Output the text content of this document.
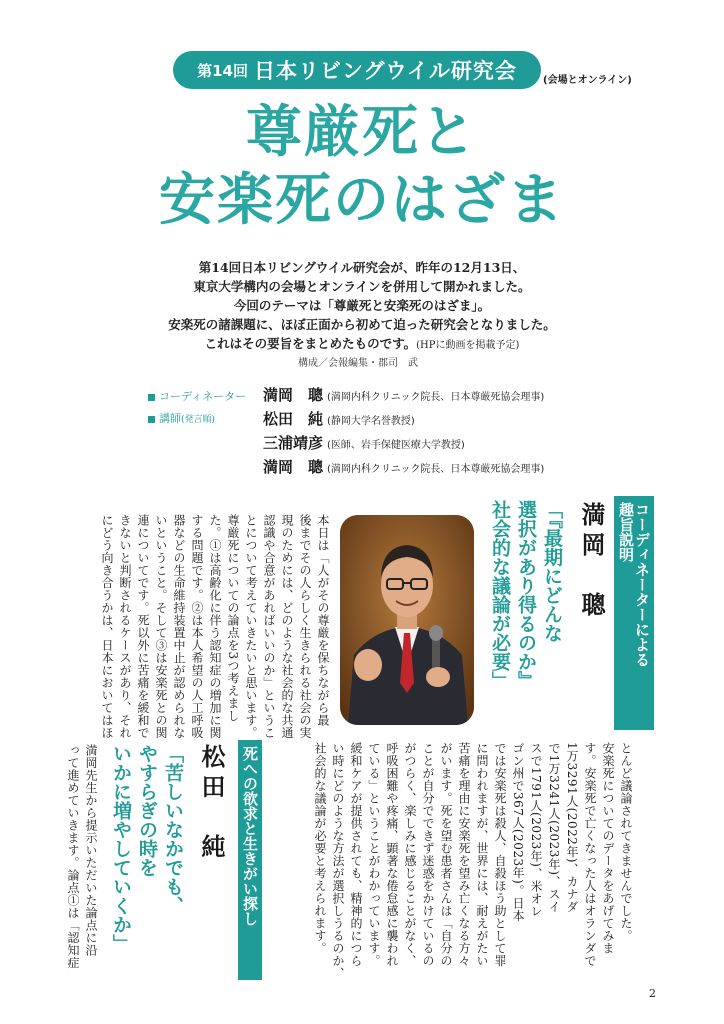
第14回 日本リビングウイル研究会	(会場とオンライン)
尊厳死と
安楽死のはざま

第14回日本リビングウイル研究会が、昨年の12月13日、

東京大学構内の会場とオンラインを併用して開かれました。

今回のテーマは「尊厳死と安楽死のはざま」。

安楽死の諸課題に、ほぼ正面から初めて迫った研究会となりました。

これはその要旨をまとめたものです。(HPに動画を掲載予定)

構成／会報編集・郡司　武
コーディネーター
講師(発言順)
満岡　聰 (満岡内科クリニック院長、日本尊厳死協会理事)
松田　純 (静岡大学名誉教授)
三浦靖彦 (医師、岩手保健医療大学教授)
満岡　聰 (満岡内科クリニック院長、日本尊厳死協会理事)
コーディネーターによる
趣旨説明
満岡　聰
「『最期にどんな
選択があり得るのか』
社会的な議論が必要」
本日は「人がその尊厳を保ちながら最
後までその人らしく生きられる社会の実
現のためには、どのような社会的な共通
認識や合意があればいいのか」というこ
とについて考えていきたいと思います。
尊厳死についての論点を3つ考えまし
た。①は高齢化に伴う認知症の増加に関
する問題です。②は本人希望の人工呼吸
器などの生命維持装置中止が認められな
いということ。そして③は安楽死との関
連についてです。死以外に苦痛を緩和で
きないと判断されるケースがあり、それ
にどう向き合うかは、日本においてはほ
とんど議論されてきませんでした。
安楽死についてのデータをあげてみま
す。安楽死で亡くなった人はオランダで
1万3291人(2022年)、カナダ
で1万3241人(2023年)、スイ
スで1791人(2023年)、米オレ
ゴン州で367人(2023年)。日本
では安楽死は殺人、自殺ほう助として罪
に問われますが、世界には、耐えがたい
苦痛を理由に安楽死を望み亡くなる方々
がいます。死を望む患者さんは「自分の
ことが自分でできず迷惑をかけているの
がつらく、楽しみに感じることがなく、
呼吸困難や疼痛、顕著な倦怠感に襲われ
ている」ということがわかっています。
緩和ケアが提供されても、精神的につら
い時にどのような方法が選択しうるのか、
社会的な議論が必要と考えられます。
死への欲求と生きがい探し
松田　純
「苦しいなかでも、
やすらぎの時を
いかに増やしていくか」
満岡先生から提示いただいた論点に沿
って進めていきます。論点①は「認知症
2
